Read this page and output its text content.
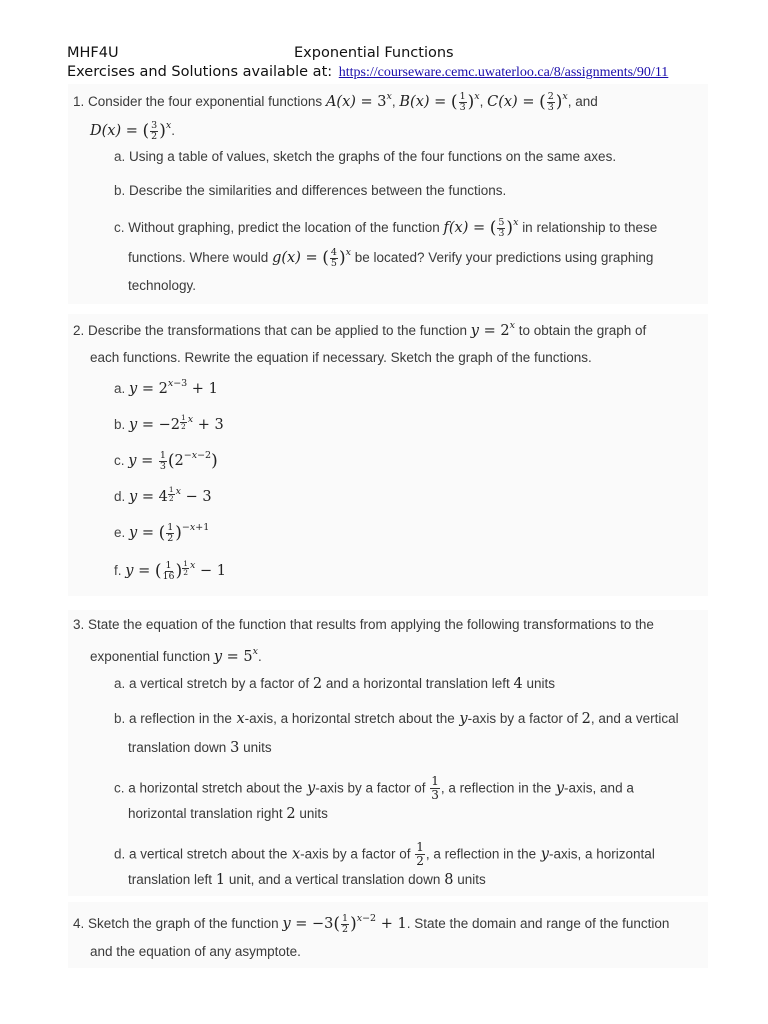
MHF4U	Exponential Functions
Exercises and Solutions available at: https://courseware.cemc.uwaterloo.ca/8/assignments/90/11
1. Consider the four exponential functions $A(x) = 3^x$, B(x) = ( $\frac{1}{3} )^x$, C(x) = ( $\frac{2}{3} )^x$, and
D(x) = ( $\frac{3}{2} )^x$.
a. Using a table of values, sketch the graphs of the four functions on the same axes.
b. Describe the similarities and differences between the functions.
c. Without graphing, predict the location of the function f(x) = ( $\frac{5}{3} )^x$ in relationship to these
functions. Where would g(x) = ( $\frac{4}{5} )^x$ be located? Verify your predictions using graphing
technology.
2. Describe the transformations that can be applied to the function $y = 2^x$ to obtain the graph of
each functions. Rewrite the equation if necessary. Sketch the graph of the functions.
a. $y = 2^{x-3} + 1$
b. $y = -2 \frac{1}{2} ^x + 3$
c. $y = \frac{1}{3} (2^{-x-2})$
d. $y = 4 \frac{1}{2} ^x - 3$
e. y = ( $\frac{1}{2} )^{-x+1}$
f. y = ( $\frac{1}{16}$ ) $\frac{1}{2} ^x - 1$
3. State the equation of the function that results from applying the following transformations to the
exponential function $y = 5^x$.
a. a vertical stretch by a factor of 2 and a horizontal translation left 4 units
b. a reflection in the x-axis, a horizontal stretch about the y-axis by a factor of 2, and a vertical
translation down 3 units
c. a horizontal stretch about the y-axis by a factor of $\frac{1}{3}$ , a reflection in the y-axis, and a
horizontal translation right 2 units
d. a vertical stretch about the x-axis by a factor of $\frac{1}{2}$ , a reflection in the y-axis, a horizontal
translation left 1 unit, and a vertical translation down 8 units
4. Sketch the graph of the function $y = -3( \frac{1}{2} )^{x-2} + 1$. State the domain and range of the function
and the equation of any asymptote.
